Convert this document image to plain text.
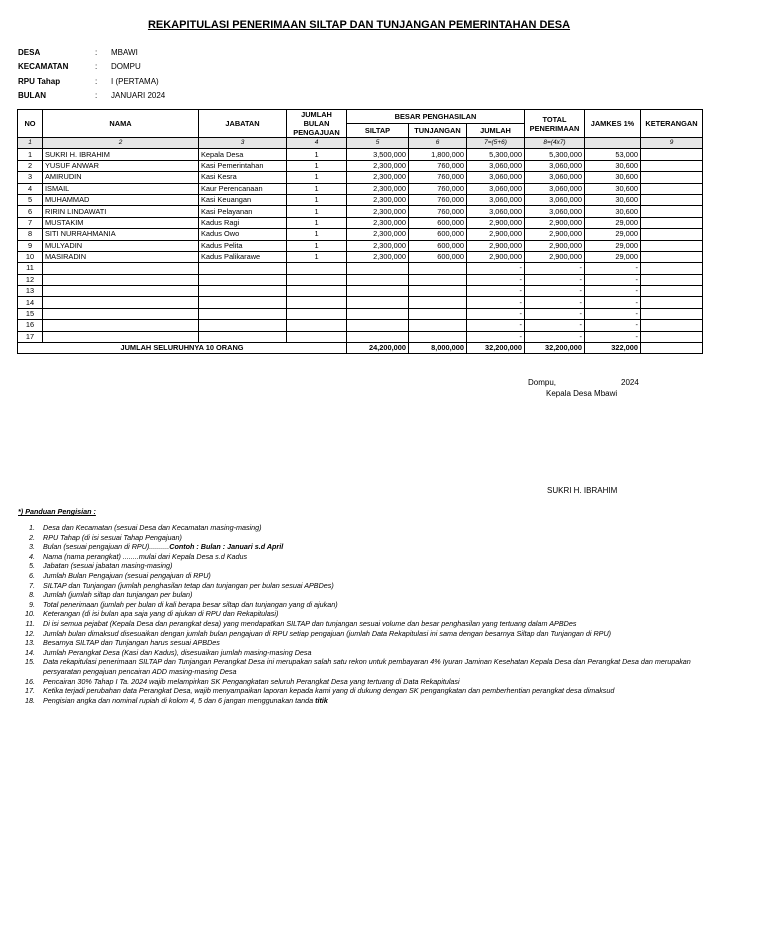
REKAPITULASI PENERIMAAN SILTAP DAN TUNJANGAN PEMERINTAHAN DESA
DESA	:	MBAWI
KECAMATAN	:	DOMPU
RPU Tahap	:	I (PERTAMA)
BULAN	:	JANUARI 2024
NO	NAMA	JABATAN	JUMLAH BULAN PENGAJUAN	BESAR PENGHASILAN			TOTAL PENERIMAAN	JAMKES 1%	KETERANGAN
				SILTAP	TUNJANGAN	JUMLAH			
1	2	3	4	5	6	7=(5+6)	8=(4x7)		9
1	SUKRI H. IBRAHIM	Kepala Desa	1	3,500,000	1,800,000	5,300,000	5,300,000	53,000	
2	YUSUF ANWAR	Kasi Pemerintahan	1	2,300,000	760,000	3,060,000	3,060,000	30,600	
3	AMIRUDIN	Kasi Kesra	1	2,300,000	760,000	3,060,000	3,060,000	30,600	
4	ISMAIL	Kaur Perencanaan	1	2,300,000	760,000	3,060,000	3,060,000	30,600	
5	MUHAMMAD	Kasi Keuangan	1	2,300,000	760,000	3,060,000	3,060,000	30,600	
6	RIRIN LINDAWATI	Kasi Pelayanan	1	2,300,000	760,000	3,060,000	3,060,000	30,600	
7	MUSTAKIM	Kadus Ragi	1	2,300,000	600,000	2,900,000	2,900,000	29,000	
8	SITI NURRAHMANIA	Kadus Owo	1	2,300,000	600,000	2,900,000	2,900,000	29,000	
9	MULYADIN	Kadus Pelita	1	2,300,000	600,000	2,900,000	2,900,000	29,000	
10	MASIRADIN	Kadus Palikarawe	1	2,300,000	600,000	2,900,000	2,900,000	29,000	
11						-	-	-	
12						-	-	-	
13						-	-	-	
14						-	-	-	
15						-	-	-	
16						-	-	-	
17						-	-	-	
JUMLAH SELURUHNYA 10 ORANG				24,200,000	8,000,000	32,200,000	32,200,000	322,000	
Dompu,	2024
Kepala Desa Mbawi
SUKRI H. IBRAHIM
*) Panduan Pengisian :
1.	Desa dan Kecamatan (sesuai Desa dan Kecamatan masing-masing)
2.	RPU Tahap (di isi sesuai Tahap Pengajuan)
3.	Bulan (sesuai pengajuan di RPU)..........Contoh : Bulan : Januari s.d April
4.	Nama (nama perangkat) ........mulai dari Kepala Desa s.d Kadus
5.	Jabatan (sesuai jabatan masing-masing)
6.	Jumlah Bulan Pengajuan (sesuai pengajuan di RPU)
7.	SILTAP dan Tunjangan (jumlah penghasilan tetap dan tunjangan per bulan sesuai APBDes)
8.	Jumlah (jumlah siltap dan tunjangan per bulan)
9.	Total penerimaan (jumlah per bulan di kali berapa besar siltap dan tunjangan yang di ajukan)
10.	Keterangan (di isi bulan apa saja yang di ajukan di RPU dan Rekapitulasi)
11.	Di isi semua pejabat (Kepala Desa dan perangkat desa) yang mendapatkan SILTAP dan tunjangan sesuai volume dan besar penghasilan yang tertuang dalam APBDes
12.	Jumlah bulan dimaksud disesuaikan dengan jumlah bulan pengajuan di RPU setiap pengajuan (jumlah Data Rekapitulasi ini sama dengan besarnya Siltap dan Tunjangan di RPU)
13.	Besarnya SILTAP dan Tunjangan harus sesuai APBDes
14.	Jumlah Perangkat Desa (Kasi dan Kadus), disesuaikan jumlah masing-masing Desa
15.	Data rekapitulasi penerimaan SILTAP dan Tunjangan Perangkat Desa ini merupakan salah satu rekon untuk pembayaran 4% Iyuran Jaminan Kesehatan Kepala Desa dan Perangkat Desa dan merupakan persyaratan pengajuan pencairan ADD masing-masing Desa
16.	Pencairan 30% Tahap I Ta. 2024 wajib melampirkan SK Pengangkatan seluruh Perangkat Desa yang tertuang di Data Rekapitulasi
17.	Ketika terjadi perubahan data Perangkat Desa, wajib menyampaikan laporan kepada kami yang di dukung dengan SK pengangkatan dan pemberhentian perangkat desa dimaksud
18.	Pengisian angka dan nominal rupiah di kolom 4, 5 dan 6 jangan menggunakan tanda titik
